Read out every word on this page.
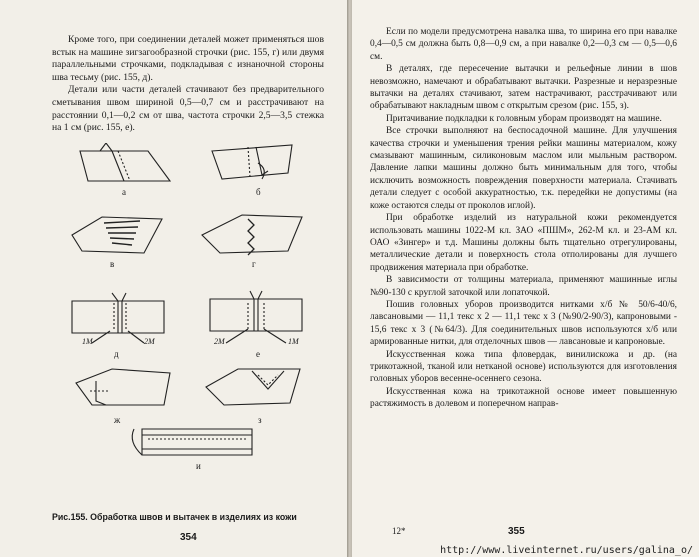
Кроме того, при соединении деталей может применяться шов встык на машине зигзагообразной строчки (рис. 155, г) или двумя параллельными строчками, подкладывая с изнаночной стороны шва тесьму (рис. 155, д).

Детали или части деталей стачивают без предварительного сметывания швом шириной 0,5—0,7 см и расстрачивают на расстоянии 0,1—0,2 см от шва, частота строчки 2,5—3,5 стежка на 1 см (рис. 155, е).

а	б
в	г
д	е
ж	з
и
1М	2М	2М	1М
Рис.155. Обработка швов и вытачек в изделиях из кожи
354

Если по модели предусмотрена навалка шва, то ширина его при навалке 0,4—0,5 см должна быть 0,8—0,9 см, а при навалке 0,2—0,3 см — 0,5—0,6 см.

В деталях, где пересечение вытачки и рельефные линии в шов невозможно, намечают и обрабатывают вытачки. Разрезные и неразрезные вытачки на деталях стачивают, затем настрачивают, расстрачивают или обрабатывают накладным швом с открытым срезом (рис. 155, з).

Притачивание подкладки к головным уборам производят на машине.

Все строчки выполняют на беспосадочной машине. Для улучшения качества строчки и уменьшения трения рейки машины материалом, кожу смазывают машинным, силиконовым маслом или мыльным раствором. Давление лапки машины должно быть минимальным для того, чтобы исключить возможность повреждения поверхности материала. Стачивать детали следует с особой аккуратностью, т.к. передейки не допустимы (на коже остаются следы от проколов иглой).

При обработке изделий из натуральной кожи рекомендуется использовать машины 1022-М кл. ЗАО «ПШМ», 262-М кл. и 23-АМ кл. ОАО «Зингер» и т.д. Машины должны быть тщательно отрегулированы, металлические детали и поверхность стола отполированы для лучшего продвижения материала при обработке.

В зависимости от толщины материала, применяют машинные иглы №90-130 с круглой заточкой или лопаточкой.

Пошив головных уборов производится нитками х/б № 50/6-40/6, лавсановыми — 11,1 текс x 2 — 11,1 текс x 3 (№90/2-90/3), капроновыми - 15,6 текс x 3 (№64/3). Для соединительных швов используются х/б или армированные нитки, для отделочных швов — лавсановые и капроновые.

Искусственная кожа типа фловердак, винилискожа и др. (на трикотажной, тканой или нетканой основе) используются для изготовления головных уборов весенне-осеннего сезона.

Искусственная кожа на трикотажной основе имеет повышенную растяжимость в долевом и поперечном направ-

12*	355
http://www.liveinternet.ru/users/galina_o/
